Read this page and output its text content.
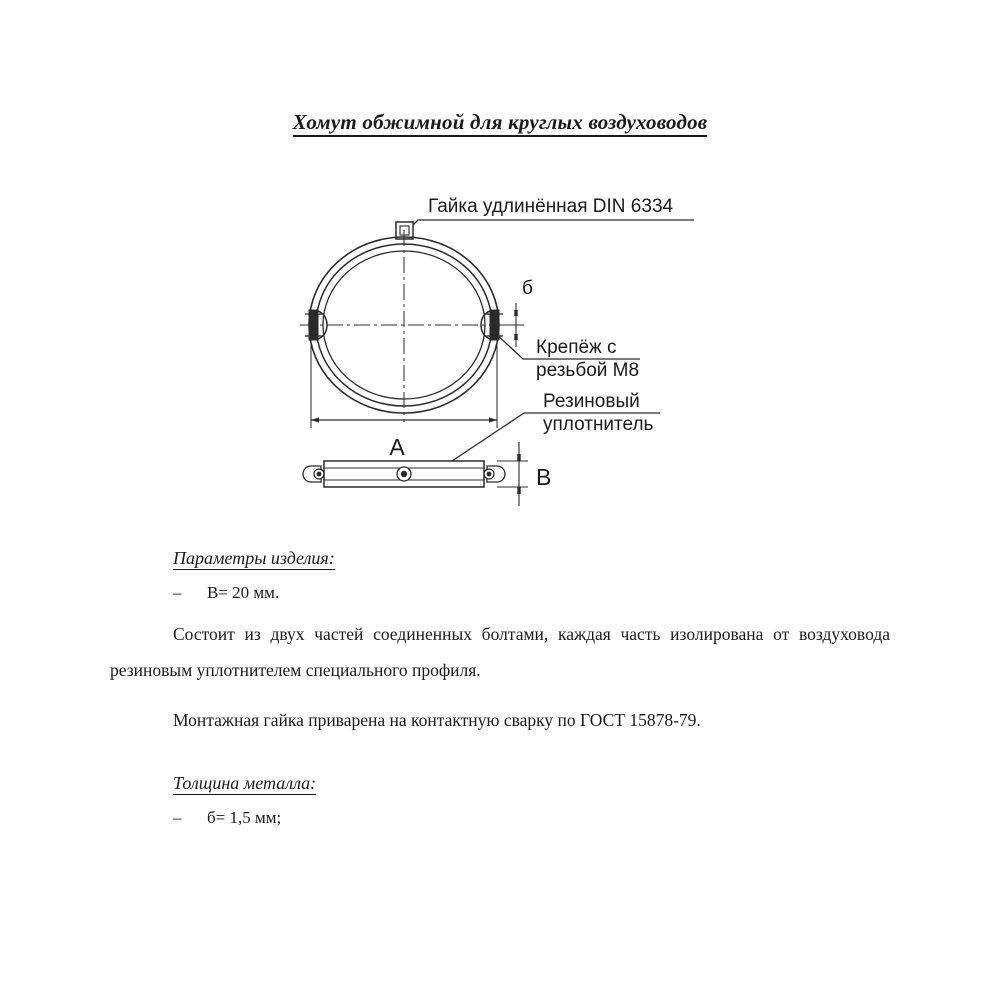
Хомут обжимной для круглых воздуховодов
Гайка удлинённая DIN 6334
б
Крепёж с
резьбой М8
Резиновый
уплотнитель
A
B
Параметры изделия:
– В= 20 мм.

Состоит из двух частей соединенных болтами, каждая часть изолирована от воздуховода резиновым уплотнителем специального профиля.

Монтажная гайка приварена на контактную сварку по ГОСТ 15878-79.

Толщина металла:
– б= 1,5 мм;
